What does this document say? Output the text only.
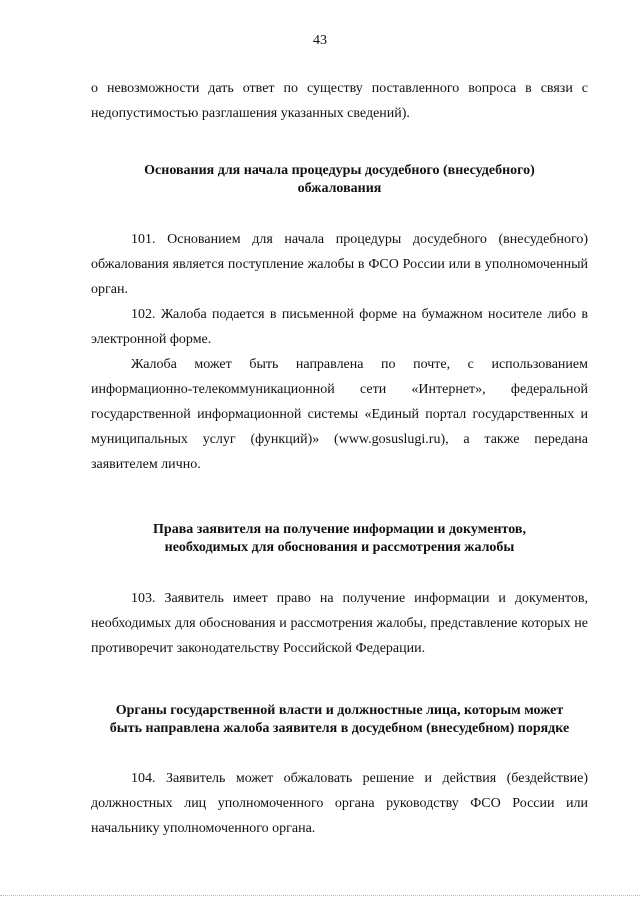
43

о невозможности дать ответ по существу поставленного вопроса в связи с недопустимостью разглашения указанных сведений).

Основания для начала процедуры досудебного (внесудебного)
обжалования

101. Основанием для начала процедуры досудебного (внесудебного) обжалования является поступление жалобы в ФСО России или в уполномоченный орган.

102. Жалоба подается в письменной форме на бумажном носителе либо в электронной форме.

Жалоба может быть направлена по почте, с использованием информационно-телекоммуникационной сети «Интернет», федеральной государственной информационной системы «Единый портал государственных и муниципальных услуг (функций)» (www.gosuslugi.ru), а также передана заявителем лично.

Права заявителя на получение информации и документов,
необходимых для обоснования и рассмотрения жалобы

103. Заявитель имеет право на получение информации и документов, необходимых для обоснования и рассмотрения жалобы, представление которых не противоречит законодательству Российской Федерации.

Органы государственной власти и должностные лица, которым может
быть направлена жалоба заявителя в досудебном (внесудебном) порядке

104. Заявитель может обжаловать решение и действия (бездействие) должностных лиц уполномоченного органа руководству ФСО России или начальнику уполномоченного органа.
